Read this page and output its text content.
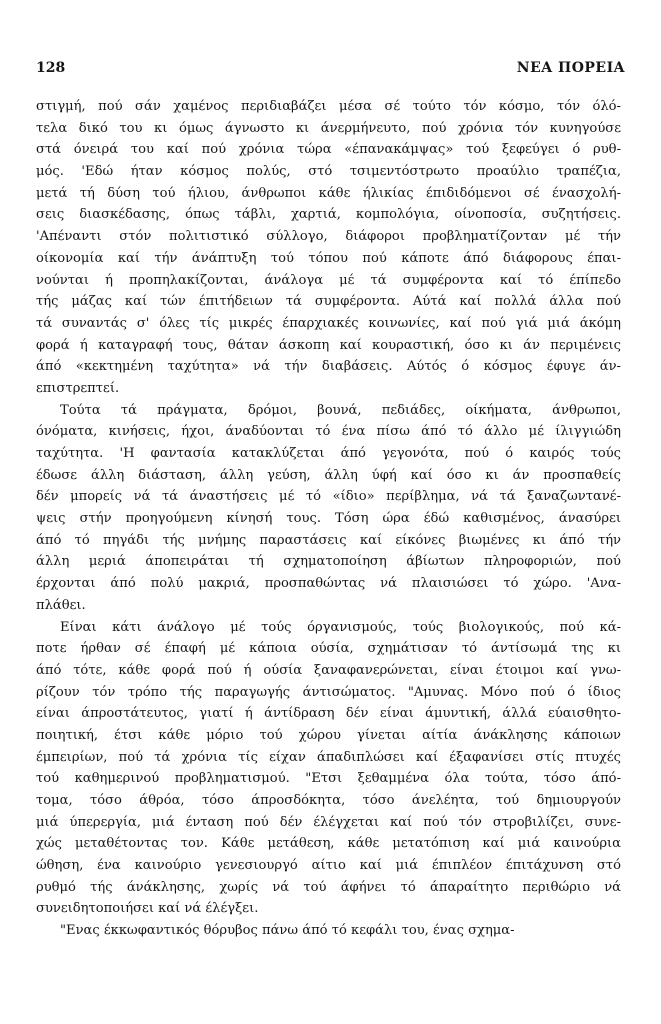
128	ΝΕΑ ΠΟΡΕΙΑ
στιγμή, πού σάν χαμένος περιδιαβάζει μέσα σέ τούτο τόν κόσμο, τόν όλό-
τελα δικό του κι όμως άγνωστο κι άνερμήνευτο, πού χρόνια τόν κυνηγούσε
στά όνειρά του καί πού χρόνια τώρα «έπανακάμψας» τού ξεφεύγει ό ρυθ-
μός. 'Εδώ ήταν κόσμος πολύς, στό τσιμεντόστρωτο προαύλιο τραπέζια,
μετά τή δύση τού ήλιου, άνθρωποι κάθε ήλικίας έπιδιδόμενοι σέ ένασχολή-
σεις διασκέδασης, όπως τάβλι, χαρτιά, κομπολόγια, οίνοποσία, συζητήσεις.
'Απέναντι στόν πολιτιστικό σύλλογο, διάφοροι προβληματίζονταν μέ τήν
οίκονομία καί τήν άνάπτυξη τού τόπου πού κάποτε άπό διάφορους έπαι-
νούνται ή προπηλακίζονται, άνάλογα μέ τά συμφέροντα καί τό έπίπεδο
τής μάζας καί τών έπιτήδειων τά συμφέροντα. Αύτά καί πολλά άλλα πού
τά συναντάς σ' όλες τίς μικρές έπαρχιακές κοινωνίες, καί πού γιά μιά άκόμη
φορά ή καταγραφή τους, θάταν άσκοπη καί κουραστική, όσο κι άν περιμένεις
άπό «κεκτημένη ταχύτητα» νά τήν διαβάσεις. Αύτός ό κόσμος έφυγε άν-
επιστρεπτεί.
Τούτα τά πράγματα, δρόμοι, βουνά, πεδιάδες, οίκήματα, άνθρωποι,
όνόματα, κινήσεις, ήχοι, άναδύονται τό ένα πίσω άπό τό άλλο μέ ίλιγγιώδη
ταχύτητα. 'Η φαντασία κατακλύζεται άπό γεγονότα, πού ό καιρός τούς
έδωσε άλλη διάσταση, άλλη γεύση, άλλη ύφή καί όσο κι άν προσπαθείς
δέν μπορείς νά τά άναστήσεις μέ τό «ίδιο» περίβλημα, νά τά ξαναζωντανέ-
ψεις στήν προηγούμενη κίνησή τους. Τόση ώρα έδώ καθισμένος, άνασύρει
άπό τό πηγάδι τής μνήμης παραστάσεις καί είκόνες βιωμένες κι άπό τήν
άλλη μεριά άποπειράται τή σχηματοποίηση άβίωτων πληροφοριών, πού
έρχονται άπό πολύ μακριά, προσπαθώντας νά πλαισιώσει τό χώρο. 'Ανα-
πλάθει.
Είναι κάτι άνάλογο μέ τούς όργανισμούς, τούς βιολογικούς, πού κά-
ποτε ήρθαν σέ έπαφή μέ κάποια ούσία, σχημάτισαν τό άντίσωμά της κι
άπό τότε, κάθε φορά πού ή ούσία ξαναφανερώνεται, είναι έτοιμοι καί γνω-
ρίζουν τόν τρόπο τής παραγωγής άντισώματος. "Αμυνας. Μόνο πού ό ίδιος
είναι άπροστάτευτος, γιατί ή άντίδραση δέν είναι άμυντική, άλλά εύαισθητο-
ποιητική, έτσι κάθε μόριο τού χώρου γίνεται αίτία άνάκλησης κάποιων
έμπειρίων, πού τά χρόνια τίς είχαν άπαδιπλώσει καί έξαφανίσει στίς πτυχές
τού καθημερινού προβληματισμού. "Ετσι ξεθαμμένα όλα τούτα, τόσο άπό-
τομα, τόσο άθρόα, τόσο άπροσδόκητα, τόσο άνελέητα, τού δημιουργούν
μιά ύπερεργία, μιά ένταση πού δέν έλέγχεται καί πού τόν στροβιλίζει, συνε-
χώς μεταθέτοντας τον. Κάθε μετάθεση, κάθε μετατόπιση καί μιά καινούρια
ώθηση, ένα καινούριο γενεσιουργό αίτιο καί μιά έπιπλέον έπιτάχυνση στό
ρυθμό τής άνάκλησης, χωρίς νά τού άφήνει τό άπαραίτητο περιθώριο νά
συνειδητοποιήσει καί νά έλέγξει.
"Ενας έκκωφαντικός θόρυβος πάνω άπό τό κεφάλι του, ένας σχημα-
